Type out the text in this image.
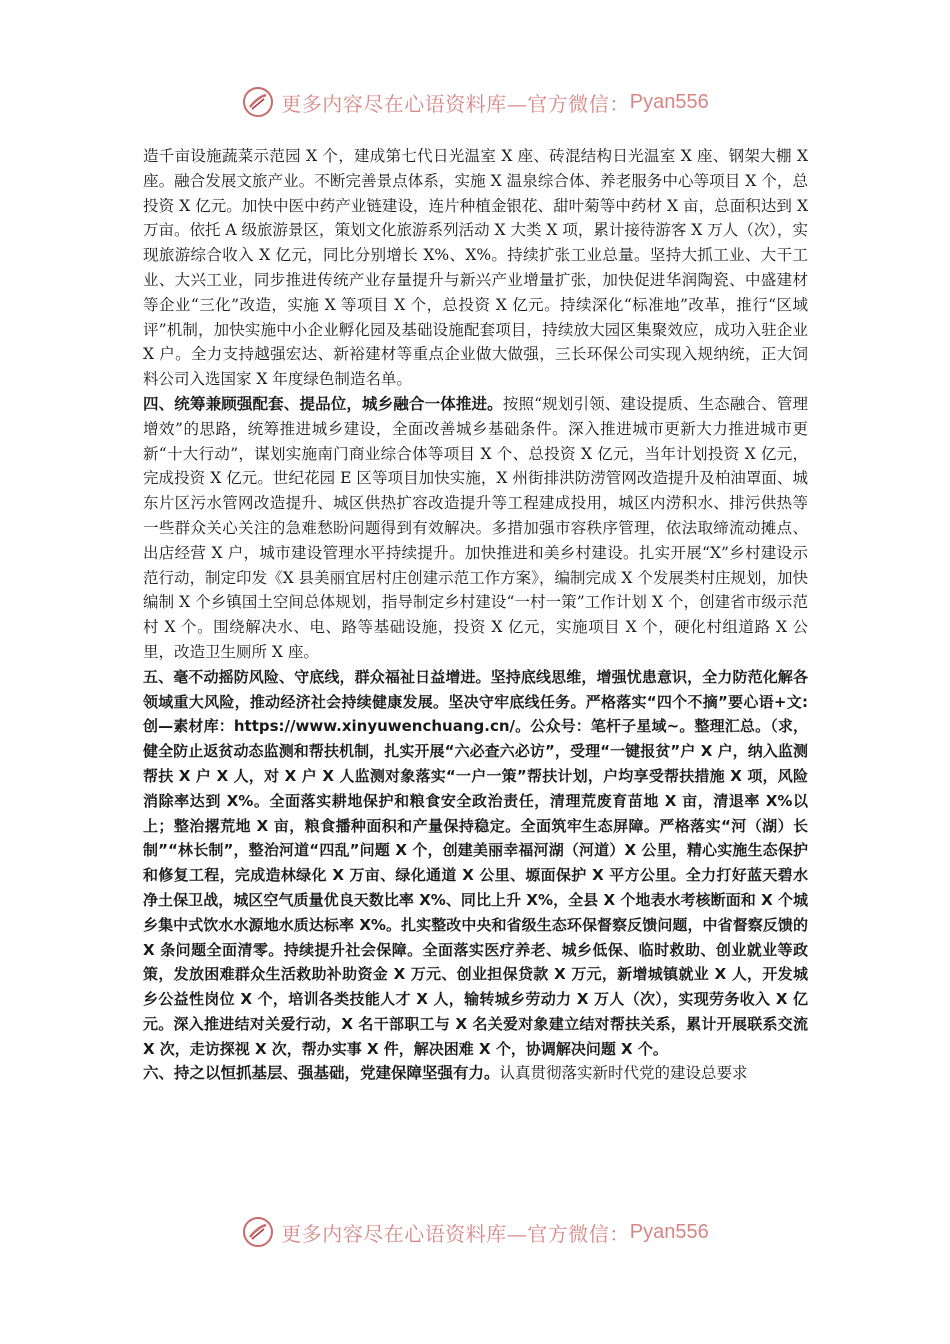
更多内容尽在心语资料库—官方微信： Pyan556

造千亩设施蔬菜示范园 X 个，建成第七代日光温室 X 座、砖混结构日光温室 X 座、钢架大棚 X 座。融合发展文旅产业。不断完善景点体系，实施 X 温泉综合体、养老服务中心等项目 X 个，总投资 X 亿元。加快中医中药产业链建设，连片种植金银花、甜叶菊等中药材 X 亩，总面积达到 X 万亩。依托 A 级旅游景区，策划文化旅游系列活动 X 大类 X 项，累计接待游客 X 万人（次），实现旅游综合收入 X 亿元，同比分别增长 X%、X%。持续扩张工业总量。坚持大抓工业、大干工业、大兴工业，同步推进传统产业存量提升与新兴产业增量扩张，加快促进华润陶瓷、中盛建材等企业“三化”改造，实施 X 等项目 X 个，总投资 X 亿元。持续深化“标准地”改革，推行“区域评”机制，加快实施中小企业孵化园及基础设施配套项目，持续放大园区集聚效应，成功入驻企业 X 户。全力支持越强宏达、新裕建材等重点企业做大做强，三长环保公司实现入规纳统，正大饲料公司入选国家 X 年度绿色制造名单。

四、统筹兼顾强配套、提品位，城乡融合一体推进。按照“规划引领、建设提质、生态融合、管理增效”的思路，统筹推进城乡建设，全面改善城乡基础条件。深入推进城市更新大力推进城市更新“十大行动”，谋划实施南门商业综合体等项目 X 个、总投资 X 亿元，当年计划投资 X 亿元，完成投资 X 亿元。世纪花园 E 区等项目加快实施，X 州街排洪防涝管网改造提升及柏油罩面、城东片区污水管网改造提升、城区供热扩容改造提升等工程建成投用，城区内涝积水、排污供热等一些群众关心关注的急难愁盼问题得到有效解决。多措加强市容秩序管理，依法取缔流动摊点、出店经营 X 户，城市建设管理水平持续提升。加快推进和美乡村建设。扎实开展“X”乡村建设示范行动，制定印发《X 县美丽宜居村庄创建示范工作方案》，编制完成 X 个发展类村庄规划，加快编制 X 个乡镇国土空间总体规划，指导制定乡村建设“一村一策”工作计划 X 个，创建省市级示范村 X 个。围绕解决水、电、路等基础设施，投资 X 亿元，实施项目 X 个，硬化村组道路 X 公里，改造卫生厕所 X 座。

五、毫不动摇防风险、守底线，群众福祉日益增进。坚持底线思维，增强忧患意识，全力防范化解各领域重大风险，推动经济社会持续健康发展。坚决守牢底线任务。严格落实“四个不摘”要心语+文:创—素材库：https://www.xinyuwenchuang.cn/。公众号：笔杆子星域~。整理汇总。（求，健全防止返贫动态监测和帮扶机制，扎实开展“六必查六必访”，受理“一键报贫”户 X 户，纳入监测帮扶 X 户 X 人，对 X 户 X 人监测对象落实“一户一策”帮扶计划，户均享受帮扶措施 X 项，风险消除率达到 X%。全面落实耕地保护和粮食安全政治责任，清理荒废育苗地 X 亩，清退率 X%以上；整治撂荒地 X 亩，粮食播种面积和产量保持稳定。全面筑牢生态屏障。严格落实“河（湖）长制”“林长制”，整治河道“四乱”问题 X 个，创建美丽幸福河湖（河道）X 公里，精心实施生态保护和修复工程，完成造林绿化 X 万亩、绿化通道 X 公里、塬面保护 X 平方公里。全力打好蓝天碧水净土保卫战，城区空气质量优良天数比率 X%、同比上升 X%，全县 X 个地表水考核断面和 X 个城乡集中式饮水水源地水质达标率 X%。扎实整改中央和省级生态环保督察反馈问题，中省督察反馈的 X 条问题全面清零。持续提升社会保障。全面落实医疗养老、城乡低保、临时救助、创业就业等政策，发放困难群众生活救助补助资金 X 万元、创业担保贷款 X 万元，新增城镇就业 X 人，开发城乡公益性岗位 X 个，培训各类技能人才 X 人，输转城乡劳动力 X 万人（次），实现劳务收入 X 亿元。深入推进结对关爱行动，X 名干部职工与 X 名关爱对象建立结对帮扶关系，累计开展联系交流 X 次，走访探视 X 次，帮办实事 X 件，解决困难 X 个，协调解决问题 X 个。

六、持之以恒抓基层、强基础，党建保障坚强有力。认真贯彻落实新时代党的建设总要求

更多内容尽在心语资料库—官方微信： Pyan556
